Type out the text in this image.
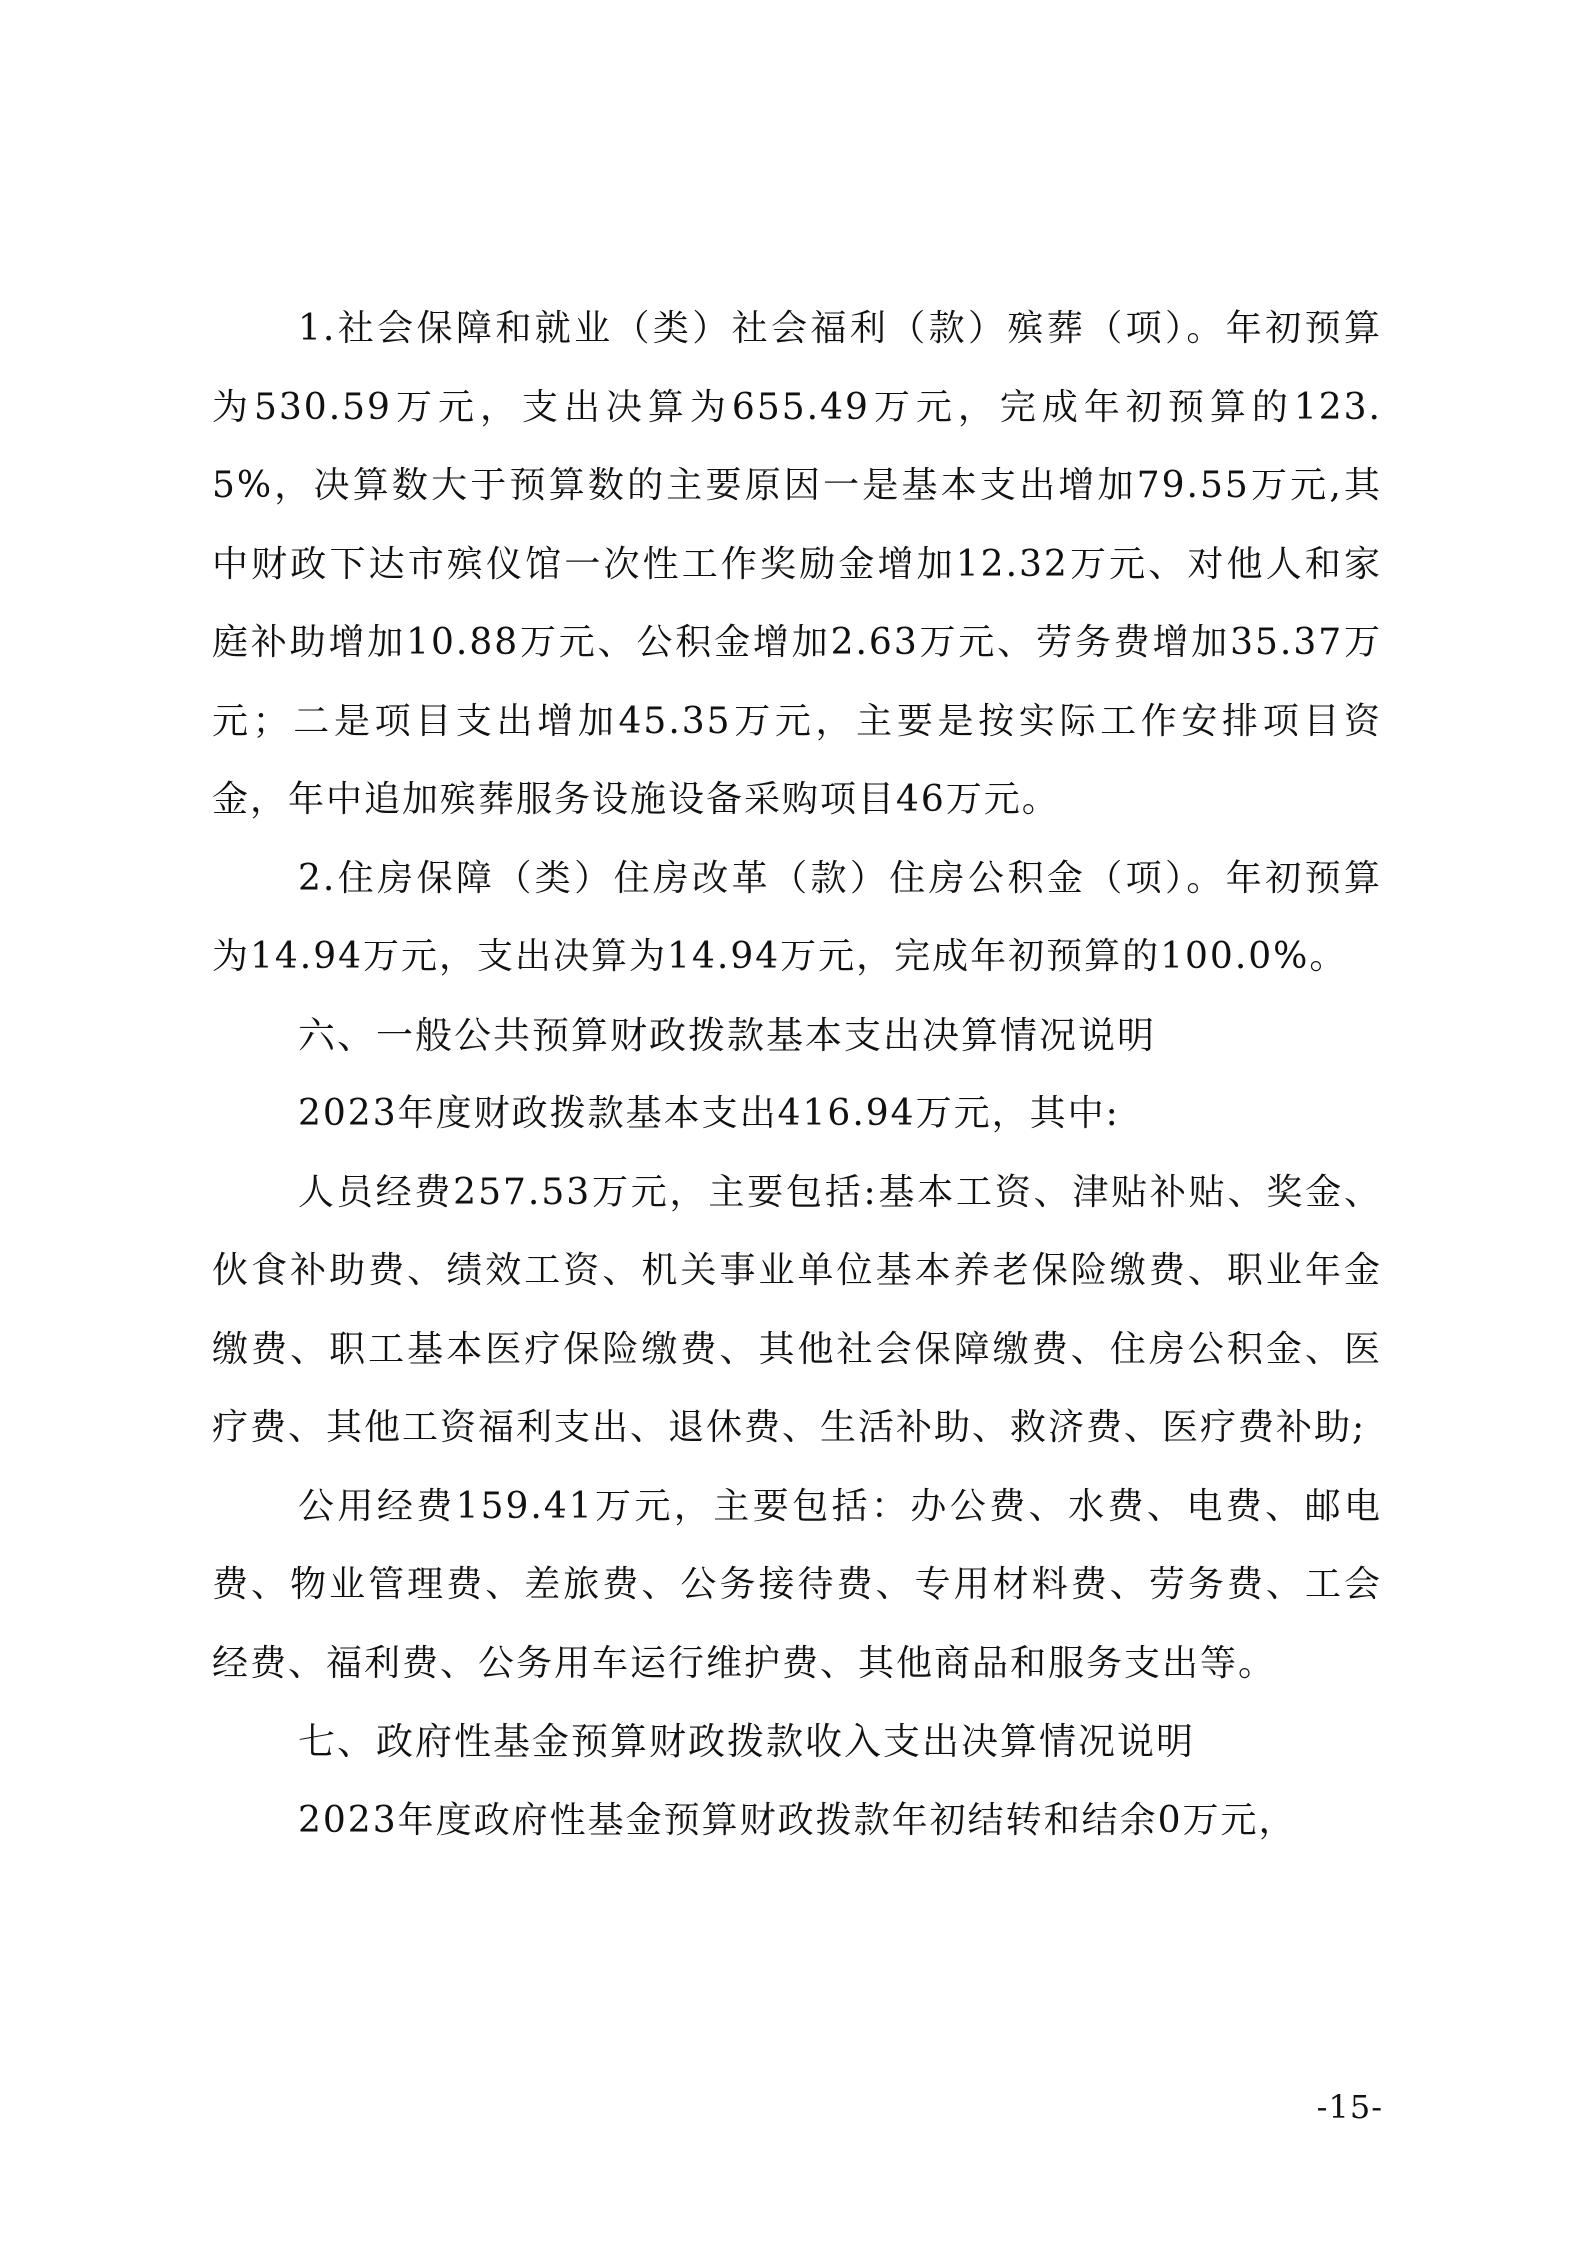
1.社会保障和就业（类）社会福利（款）殡葬（项）。年初预算为530.59万元，支出决算为655.49万元，完成年初预算的123.5%，决算数大于预算数的主要原因一是基本支出增加79.55万元,其中财政下达市殡仪馆一次性工作奖励金增加12.32万元、对他人和家庭补助增加10.88万元、公积金增加2.63万元、劳务费增加35.37万元；二是项目支出增加45.35万元，主要是按实际工作安排项目资金，年中追加殡葬服务设施设备采购项目46万元。

2.住房保障（类）住房改革（款）住房公积金（项）。年初预算为14.94万元，支出决算为14.94万元，完成年初预算的100.0%。

六、一般公共预算财政拨款基本支出决算情况说明

2023年度财政拨款基本支出416.94万元，其中:

人员经费257.53万元，主要包括:基本工资、津贴补贴、奖金、伙食补助费、绩效工资、机关事业单位基本养老保险缴费、职业年金缴费、职工基本医疗保险缴费、其他社会保障缴费、住房公积金、医疗费、其他工资福利支出、退休费、生活补助、救济费、医疗费补助;

公用经费159.41万元，主要包括：办公费、水费、电费、邮电费、物业管理费、差旅费、公务接待费、专用材料费、劳务费、工会经费、福利费、公务用车运行维护费、其他商品和服务支出等。

七、政府性基金预算财政拨款收入支出决算情况说明

2023年度政府性基金预算财政拨款年初结转和结余0万元，

-15-
